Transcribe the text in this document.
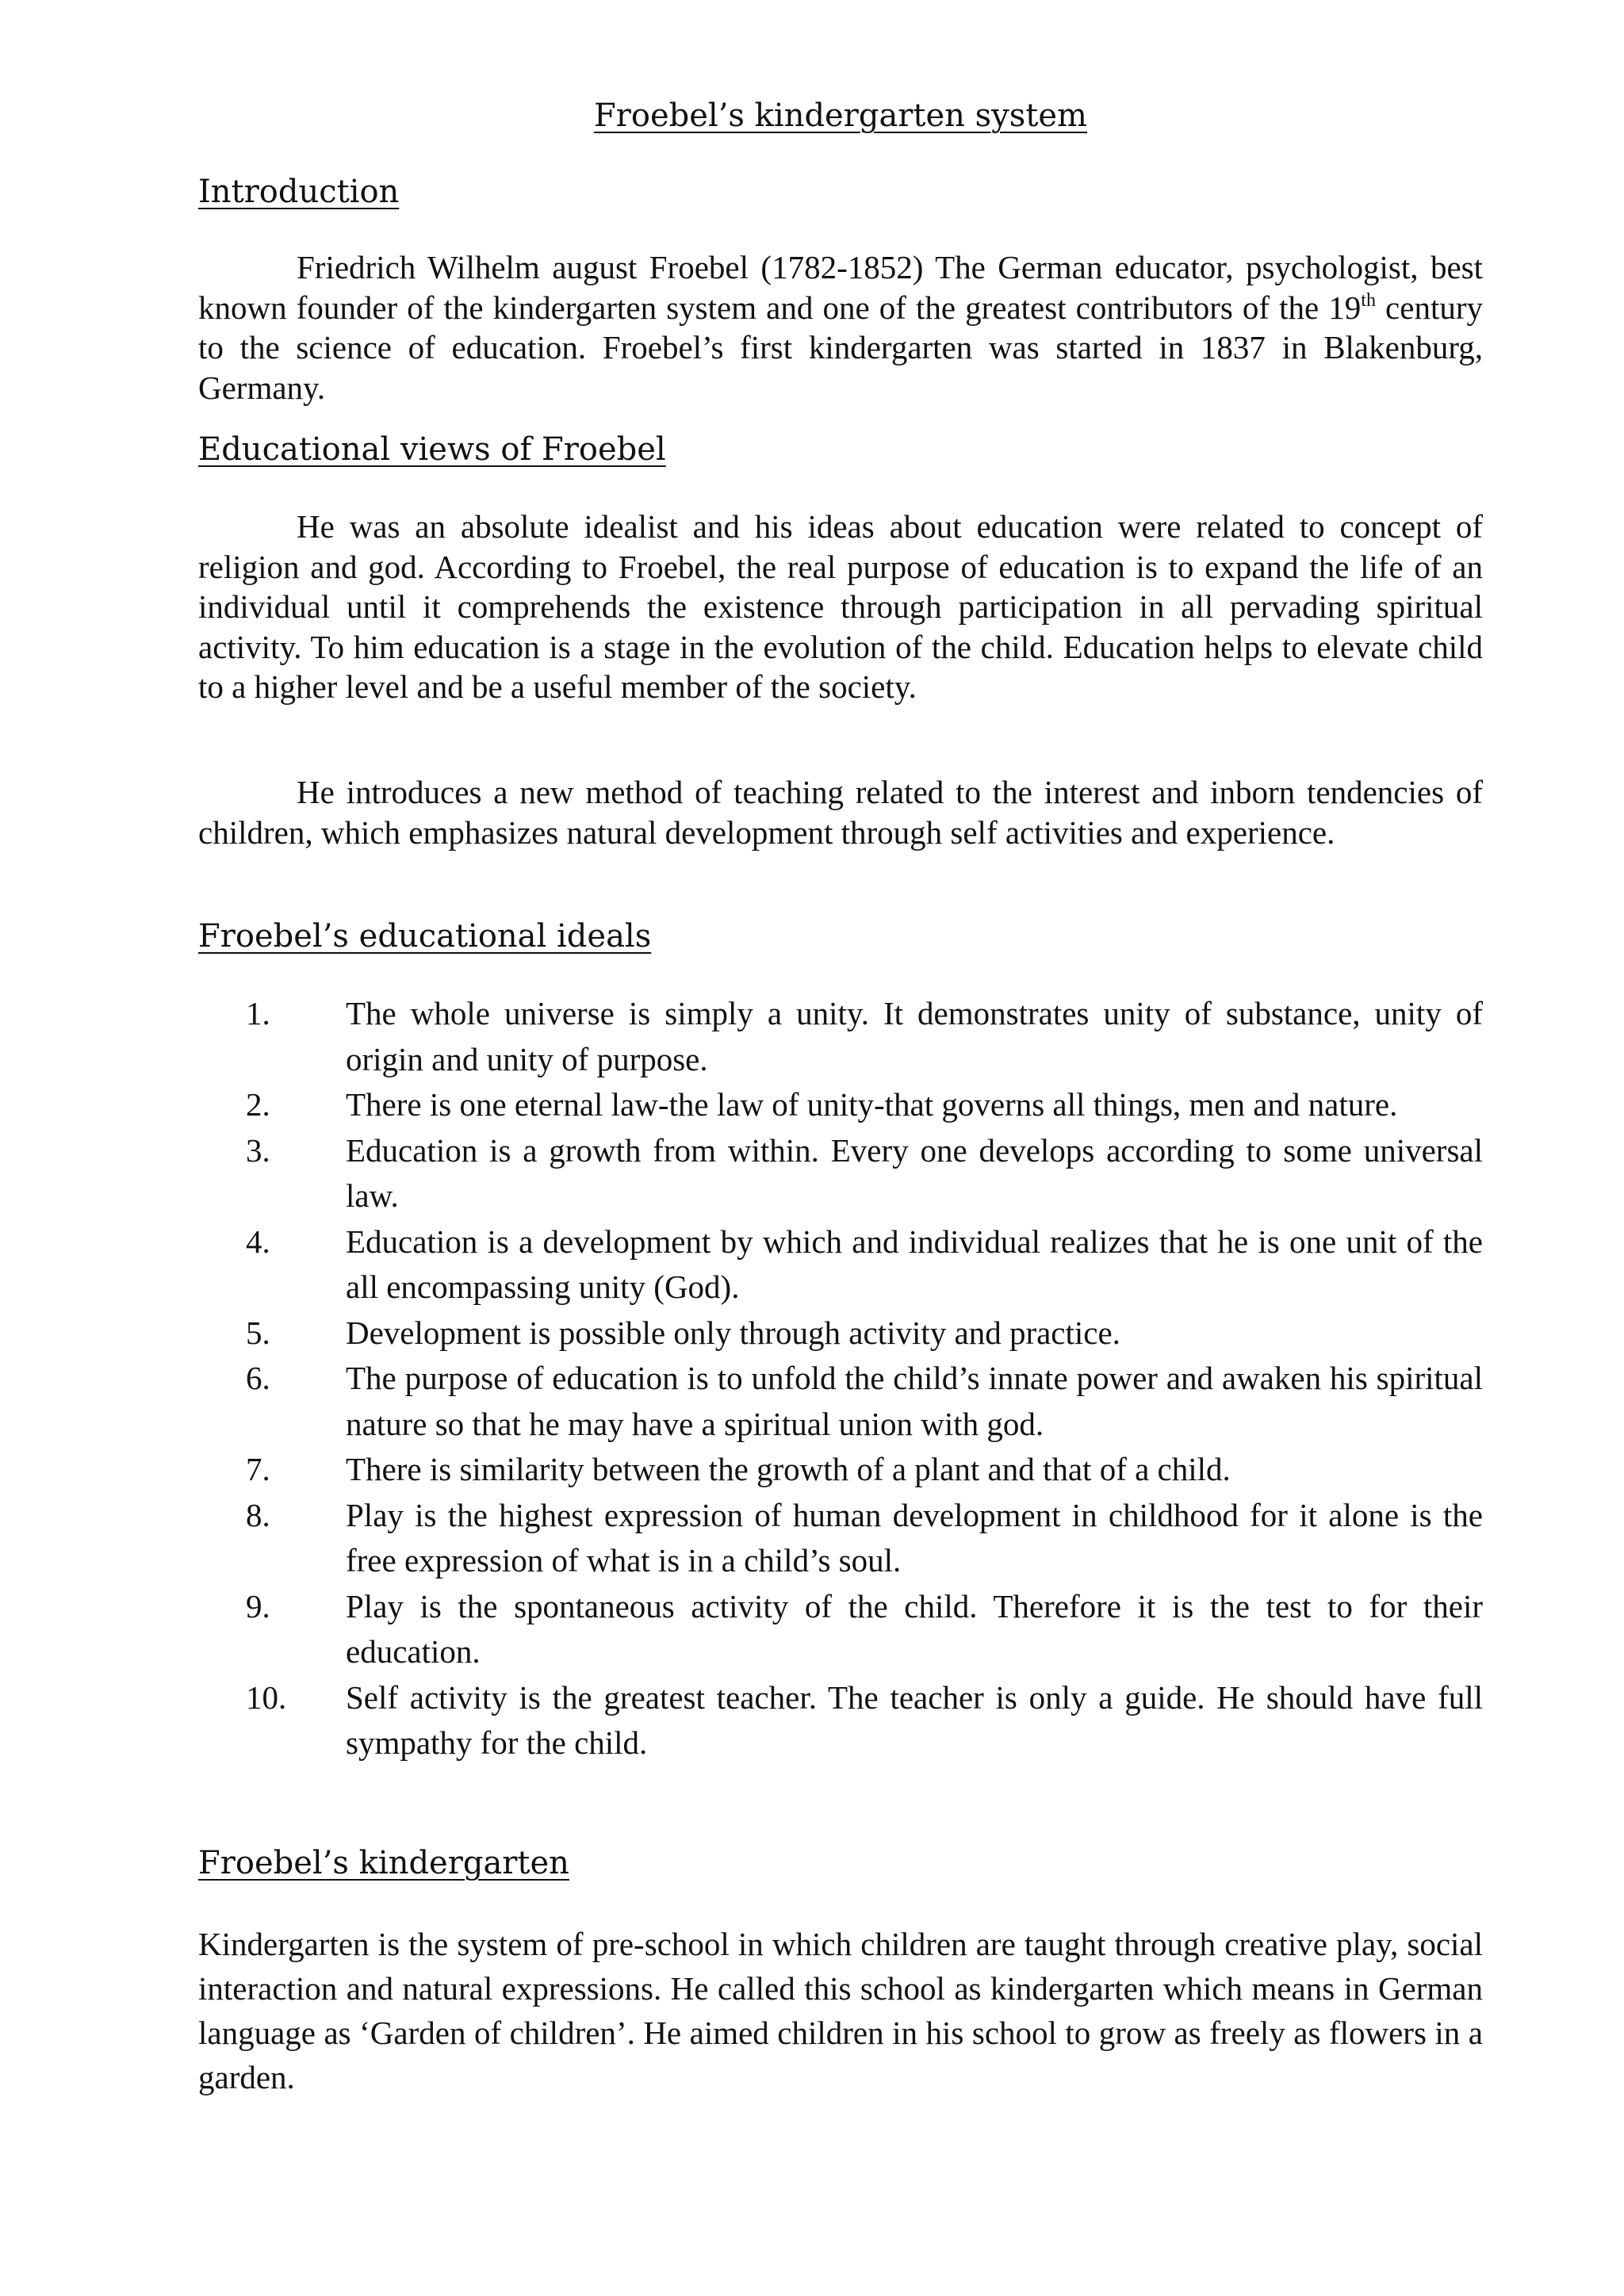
Froebel’s kindergarten system
Introduction

Friedrich Wilhelm august Froebel (1782-1852) The German educator, psychologist, best known founder of the kindergarten system and one of the greatest contributors of the 19th century to the science of education. Froebel’s first kindergarten was started in 1837 in Blakenburg, Germany.

Educational views of Froebel

He was an absolute idealist and his ideas about education were related to concept of religion and god. According to Froebel, the real purpose of education is to expand the life of an individual until it comprehends the existence through participation in all pervading spiritual activity. To him education is a stage in the evolution of the child. Education helps to elevate child to a higher level and be a useful member of the society.

He introduces a new method of teaching related to the interest and inborn tendencies of children, which emphasizes natural development through self activities and experience.

Froebel’s educational ideals
1.	The whole universe is simply a unity. It demonstrates unity of substance, unity of origin and unity of purpose.
2.	There is one eternal law-the law of unity-that governs all things, men and nature.
3.	Education is a growth from within. Every one develops according to some universal law.
4.	Education is a development by which and individual realizes that he is one unit of the all encompassing unity (God).
5.	Development is possible only through activity and practice.
6.	The purpose of education is to unfold the child’s innate power and awaken his spiritual nature so that he may have a spiritual union with god.
7.	There is similarity between the growth of a plant and that of a child.
8.	Play is the highest expression of human development in childhood for it alone is the free expression of what is in a child’s soul.
9.	Play is the spontaneous activity of the child. Therefore it is the test to for their education.
10.	Self activity is the greatest teacher. The teacher is only a guide. He should have full sympathy for the child.
Froebel’s kindergarten

Kindergarten is the system of pre-school in which children are taught through creative play, social interaction and natural expressions. He called this school as kindergarten which means in German language as ‘Garden of children’. He aimed children in his school to grow as freely as flowers in a garden.
